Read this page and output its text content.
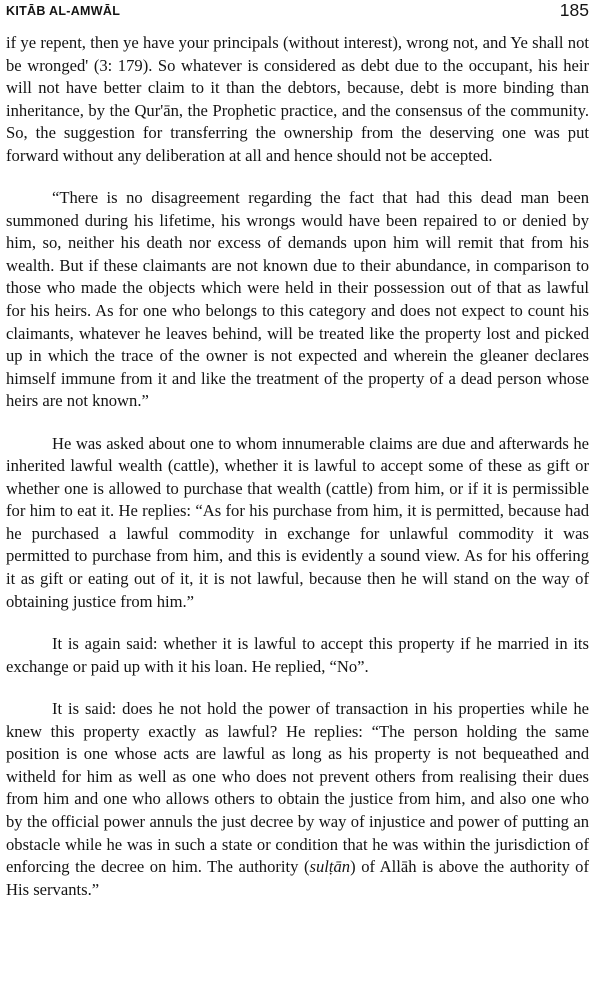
KITĀB AL-AMWĀL	185

if ye repent, then ye have your principals (without interest), wrong not, and Ye shall not be wronged' (3: 179). So whatever is considered as debt due to the occupant, his heir will not have better claim to it than the debtors, because, debt is more binding than inheritance, by the Qur'ān, the Prophetic practice, and the consensus of the community. So, the suggestion for transferring the ownership from the deserving one was put forward without any deliberation at all and hence should not be accepted.

“There is no disagreement regarding the fact that had this dead man been summoned during his lifetime, his wrongs would have been repaired to or denied by him, so, neither his death nor excess of demands upon him will remit that from his wealth. But if these claimants are not known due to their abundance, in comparison to those who made the objects which were held in their possession out of that as lawful for his heirs. As for one who belongs to this category and does not expect to count his claimants, whatever he leaves behind, will be treated like the property lost and picked up in which the trace of the owner is not expected and wherein the gleaner declares himself immune from it and like the treatment of the property of a dead person whose heirs are not known.”

He was asked about one to whom innumerable claims are due and afterwards he inherited lawful wealth (cattle), whether it is lawful to accept some of these as gift or whether one is allowed to purchase that wealth (cattle) from him, or if it is permissible for him to eat it. He replies: “As for his purchase from him, it is permitted, because had he purchased a lawful commodity in exchange for unlawful commodity it was permitted to purchase from him, and this is evidently a sound view. As for his offering it as gift or eating out of it, it is not lawful, because then he will stand on the way of obtaining justice from him.”

It is again said: whether it is lawful to accept this property if he married in its exchange or paid up with it his loan. He replied, “No”.

It is said: does he not hold the power of transaction in his properties while he knew this property exactly as lawful? He replies: “The person holding the same position is one whose acts are lawful as long as his property is not bequeathed and witheld for him as well as one who does not prevent others from realising their dues from him and one who allows others to obtain the justice from him, and also one who by the official power annuls the just decree by way of injustice and power of putting an obstacle while he was in such a state or condition that he was within the jurisdiction of enforcing the decree on him. The authority (sulṭān) of Allāh is above the authority of His servants.”
